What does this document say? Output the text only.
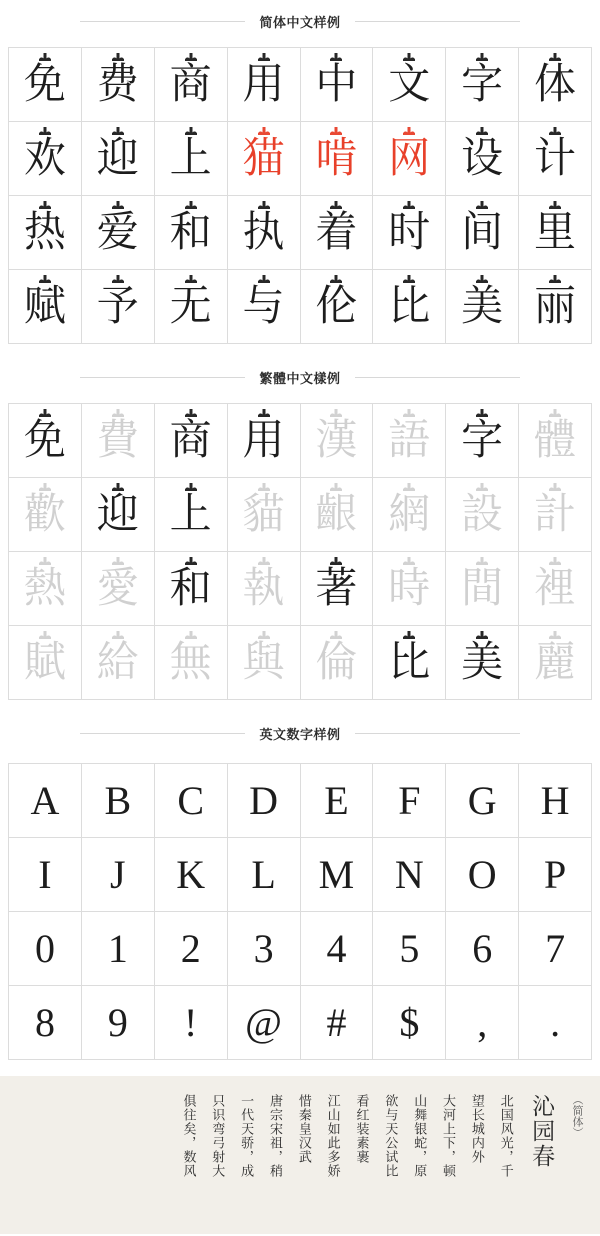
简体中文样例
免 费 商 用 中 文 字 体
欢 迎 上 猫 啃 网 设 计
热 爱 和 执 着 时 间 里
赋 予 无 与 伦 比 美 丽
繁體中文樣例
免 費 商 用 漢 語 字 體
歡 迎 上 貓 齦 網 設 計
熱 愛 和 執 著 時 間 裡
賦 給 無 與 倫 比 美 麗
英文数字样例
A B C D E F G H
I J K L M N O P
0 1 2 3 4 5 6 7
8 9 ! @ # $ , .
（简体）
沁园春
北国风光，千
望长城内外
大河上下，顿
山舞银蛇，原
欲与天公试比
看红装素裹
江山如此多娇
惜秦皇汉武
唐宗宋祖，稍
一代天骄，成
只识弯弓射大
俱往矣，数风
